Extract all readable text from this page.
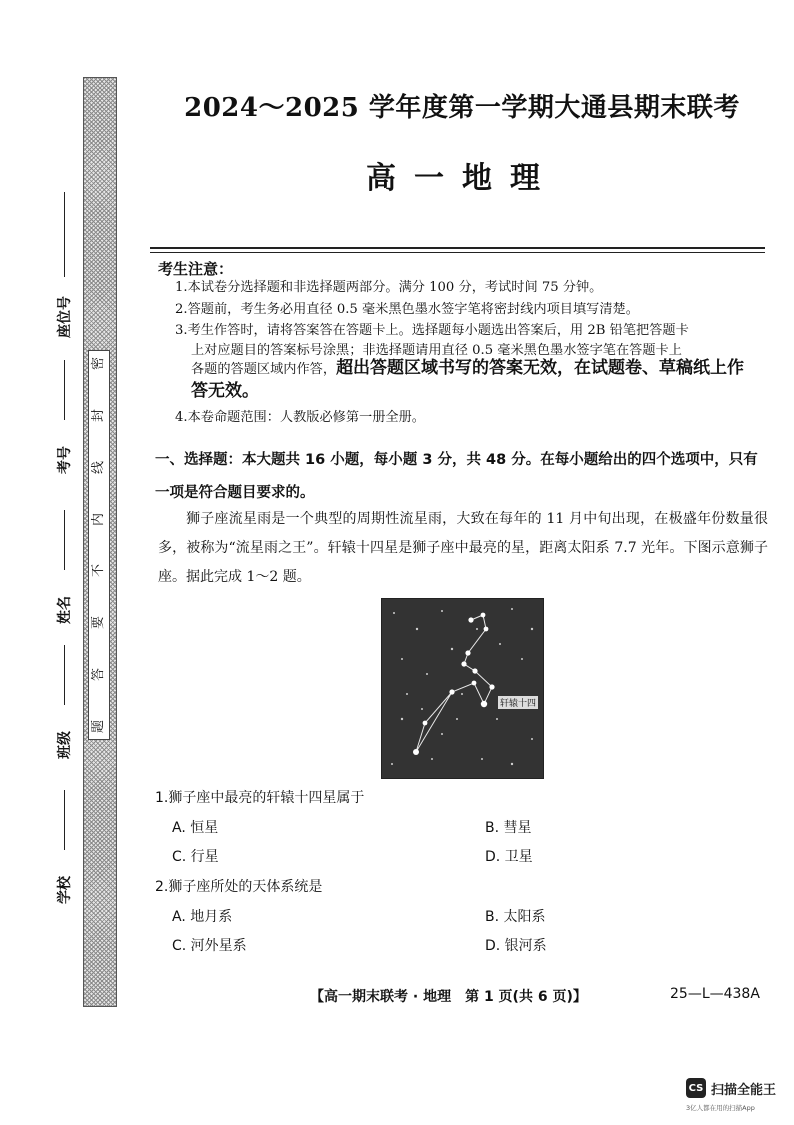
密
封
线
内
不
要
答
题
座位号
考号
姓名
班级
学校
2024～2025 学年度第一学期大通县期末联考
高一地理
考生注意：
1.本试卷分选择题和非选择题两部分。满分 100 分，考试时间 75 分钟。
2.答题前，考生务必用直径 0.5 毫米黑色墨水签字笔将密封线内项目填写清楚。
3.考生作答时，请将答案答在答题卡上。选择题每小题选出答案后，用 2B 铅笔把答题卡
上对应题目的答案标号涂黑；非选择题请用直径 0.5 毫米黑色墨水签字笔在答题卡上
各题的答题区域内作答，超出答题区域书写的答案无效，在试题卷、草稿纸上作
答无效。
4.本卷命题范围：人教版必修第一册全册。
一、选择题：本大题共 16 小题，每小题 3 分，共 48 分。在每小题给出的四个选项中，只有一项是符合题目要求的。
狮子座流星雨是一个典型的周期性流星雨，大致在每年的 11 月中旬出现，在极盛年份数量很多，被称为“流星雨之王”。轩辕十四星是狮子座中最亮的星，距离太阳系 7.7 光年。下图示意狮子座。据此完成 1～2 题。
轩辕十四
1.狮子座中最亮的轩辕十四星属于
A. 恒星	B. 彗星
C. 行星	D. 卫星
2.狮子座所处的天体系统是
A. 地月系	B. 太阳系
C. 河外星系	D. 银河系
【高一期末联考 · 地理　第 1 页(共 6 页)】	25—L—438A
CS 扫描全能王
3亿人都在用的扫描App
